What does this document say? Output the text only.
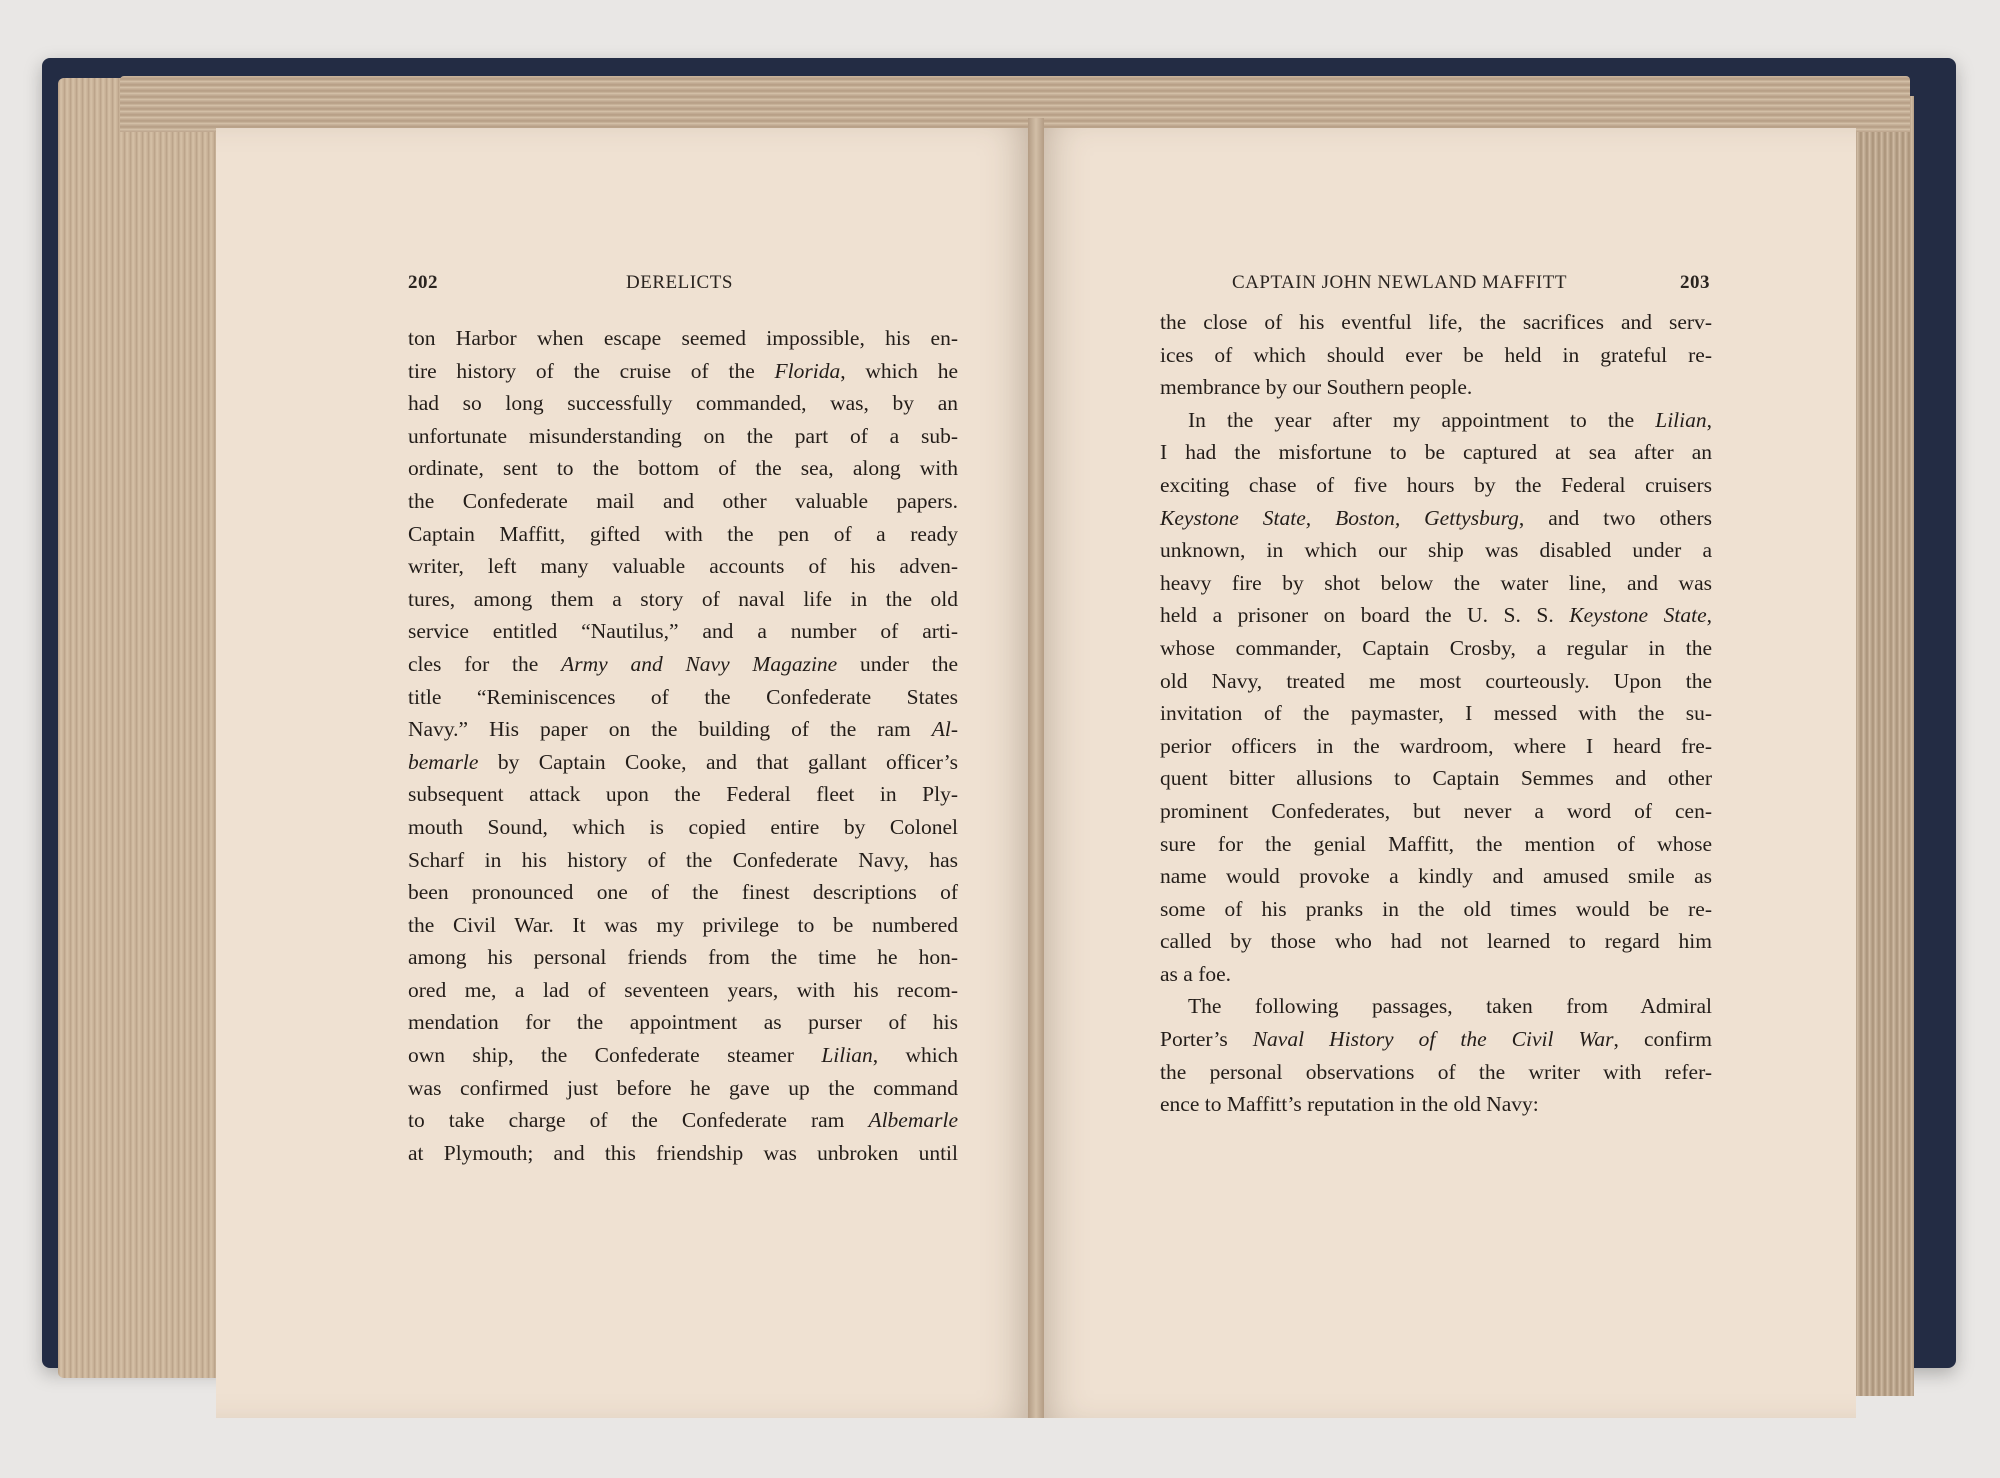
202	DERELICTS	CAPTAIN JOHN NEWLAND MAFFITT	203

ton Harbor when escape seemed impossible, his en-

tire history of the cruise of the Florida, which he

had so long successfully commanded, was, by an

unfortunate misunderstanding on the part of a sub-

ordinate, sent to the bottom of the sea, along with

the Confederate mail and other valuable papers.

Captain Maffitt, gifted with the pen of a ready

writer, left many valuable accounts of his adven-

tures, among them a story of naval life in the old

service entitled “Nautilus,” and a number of arti-

cles for the Army and Navy Magazine under the

title “Reminiscences of the Confederate States

Navy.” His paper on the building of the ram Al-

bemarle by Captain Cooke, and that gallant officer’s

subsequent attack upon the Federal fleet in Ply-

mouth Sound, which is copied entire by Colonel

Scharf in his history of the Confederate Navy, has

been pronounced one of the finest descriptions of

the Civil War. It was my privilege to be numbered

among his personal friends from the time he hon-

ored me, a lad of seventeen years, with his recom-

mendation for the appointment as purser of his

own ship, the Confederate steamer Lilian, which

was confirmed just before he gave up the command

to take charge of the Confederate ram Albemarle

at Plymouth; and this friendship was unbroken until

the close of his eventful life, the sacrifices and serv-

ices of which should ever be held in grateful re-

membrance by our Southern people.

In the year after my appointment to the Lilian,

I had the misfortune to be captured at sea after an

exciting chase of five hours by the Federal cruisers

Keystone State, Boston, Gettysburg, and two others

unknown, in which our ship was disabled under a

heavy fire by shot below the water line, and was

held a prisoner on board the U. S. S. Keystone State,

whose commander, Captain Crosby, a regular in the

old Navy, treated me most courteously. Upon the

invitation of the paymaster, I messed with the su-

perior officers in the wardroom, where I heard fre-

quent bitter allusions to Captain Semmes and other

prominent Confederates, but never a word of cen-

sure for the genial Maffitt, the mention of whose

name would provoke a kindly and amused smile as

some of his pranks in the old times would be re-

called by those who had not learned to regard him

as a foe.

The following passages, taken from Admiral

Porter’s Naval History of the Civil War, confirm

the personal observations of the writer with refer-

ence to Maffitt’s reputation in the old Navy:
